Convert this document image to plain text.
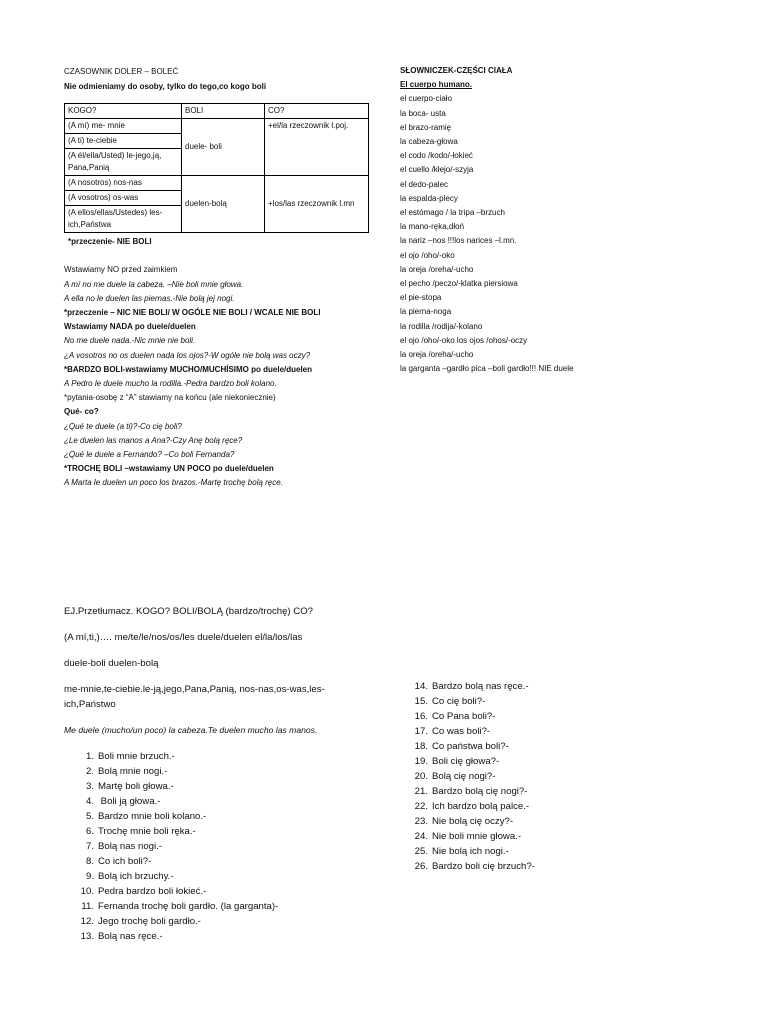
CZASOWNIK DOLER – BOLEĆ
Nie odmieniamy do osoby, tylko do tego,co kogo boli
KOGO?	BOLI	CO?
(A mí) me- mnie	duele- boli	+el/la rzeczownik l.poj.
(A ti) te-ciebie		
(A él/ella/Usted) le-jego,ją, Pana,Panią		
(A nosotros) nos-nas	duelen-bolą	+los/las rzeczownik l.mn
(A vosotros) os-was		
(A ellos/ellas/Ustedes) les-ich,Państwa		
*przeczenie- NIE BOLI
Wstawiamy NO przed zaimkiem
A mí no me duele la cabeza. –Nie boli mnie głowa.
A ella no le duelen las piernas.-Nie bolą jej nogi.
*przeczenie – NIC NIE BOLI/ W OGÓLE NIE BOLI / WCALE NIE BOLI
Wstawiamy NADA po duele/duelen
No me duele nada.-Nic mnie nie boli.
¿A vosotros no os duelen nada los ojos?-W ogóle nie bolą was oczy?
*BARDZO BOLI-wstawiamy MUCHO/MUCHÍSIMO po duele/duelen
A Pedro le duele mucho la rodilla.-Pedra bardzo boli kolano.
*pytania-osobę z “A” stawiamy na końcu (ale niekoniecznie)
Qué- co?
¿Qué te duele (a ti)?-Co cię boli?
¿Le duelen las manos a Ana?-Czy Anę bolą ręce?
¿Qué le duele a Fernando? –Co boli Fernanda?
*TROCHĘ BOLI –wstawiamy UN POCO po duele/duelen
A Marta le duelen un poco los brazos.-Martę trochę bolą ręce.
SŁOWNICZEK-CZĘŚCI CIAŁA
El cuerpo humano.
el cuerpo-ciało
la boca- usta
el brazo-ramię
la cabeza-głowa
el codo /kodo/-łokieć
el cuello /kłejo/-szyja
el dedo-palec
la espalda-plecy
el estómago / la tripa –brzuch
la mano-ręka,dłoń
la nariz –nos !!!los narices –l.mn.
el ojo /oho/-oko
la oreja /oreha/-ucho
el pecho /peczo/-klatka piersiowa
el pie-stopa
la pierna-noga
la rodilla /rodija/-kolano
el ojo /oho/-oko los ojos /ohos/-oczy
la oreja /oreha/-ucho
la garganta –gardło pica –boli gardło!!! NIE duele
EJ.Przetłumacz. KOGO? BOLI/BOLĄ (bardzo/trochę) CO?
(A mí,ti,)…. me/te/le/nos/os/les duele/duelen el/la/los/las
duele-boli duelen-bolą
me-mnie,te-ciebie.le-ją,jego,Pana,Panią, nos-nas,os-was,les-ich,Państwo
Me duele (mucho/un poco) la cabeza.Te duelen mucho las manos.
1. Boli mnie brzuch.-
2. Bolą mnie nogi.-
3. Martę boli głowa.-
4. Boli ją głowa.-
5. Bardzo mnie boli kolano.-
6. Trochę mnie boli ręka.-
7. Bolą nas nogi.-
8. Co ich boli?-
9. Bolą ich brzuchy.-
10. Pedra bardzo boli łokieć.-
11. Fernanda trochę boli gardło. (la garganta)-
12. Jego trochę boli gardło.-
13. Bolą nas ręce.-
14. Bardzo bolą nas ręce.-
15. Co cię boli?-
16. Co Pana boli?-
17. Co was boli?-
18. Co państwa boli?-
19. Boli cię głowa?-
20. Bolą cię nogi?-
21. Bardzo bolą cię nogi?-
22. Ich bardzo bolą palce.-
23. Nie bolą cię oczy?-
24. Nie boli mnie głowa.-
25. Nie bolą ich nogi.-
26. Bardzo boli cię brzuch?-
